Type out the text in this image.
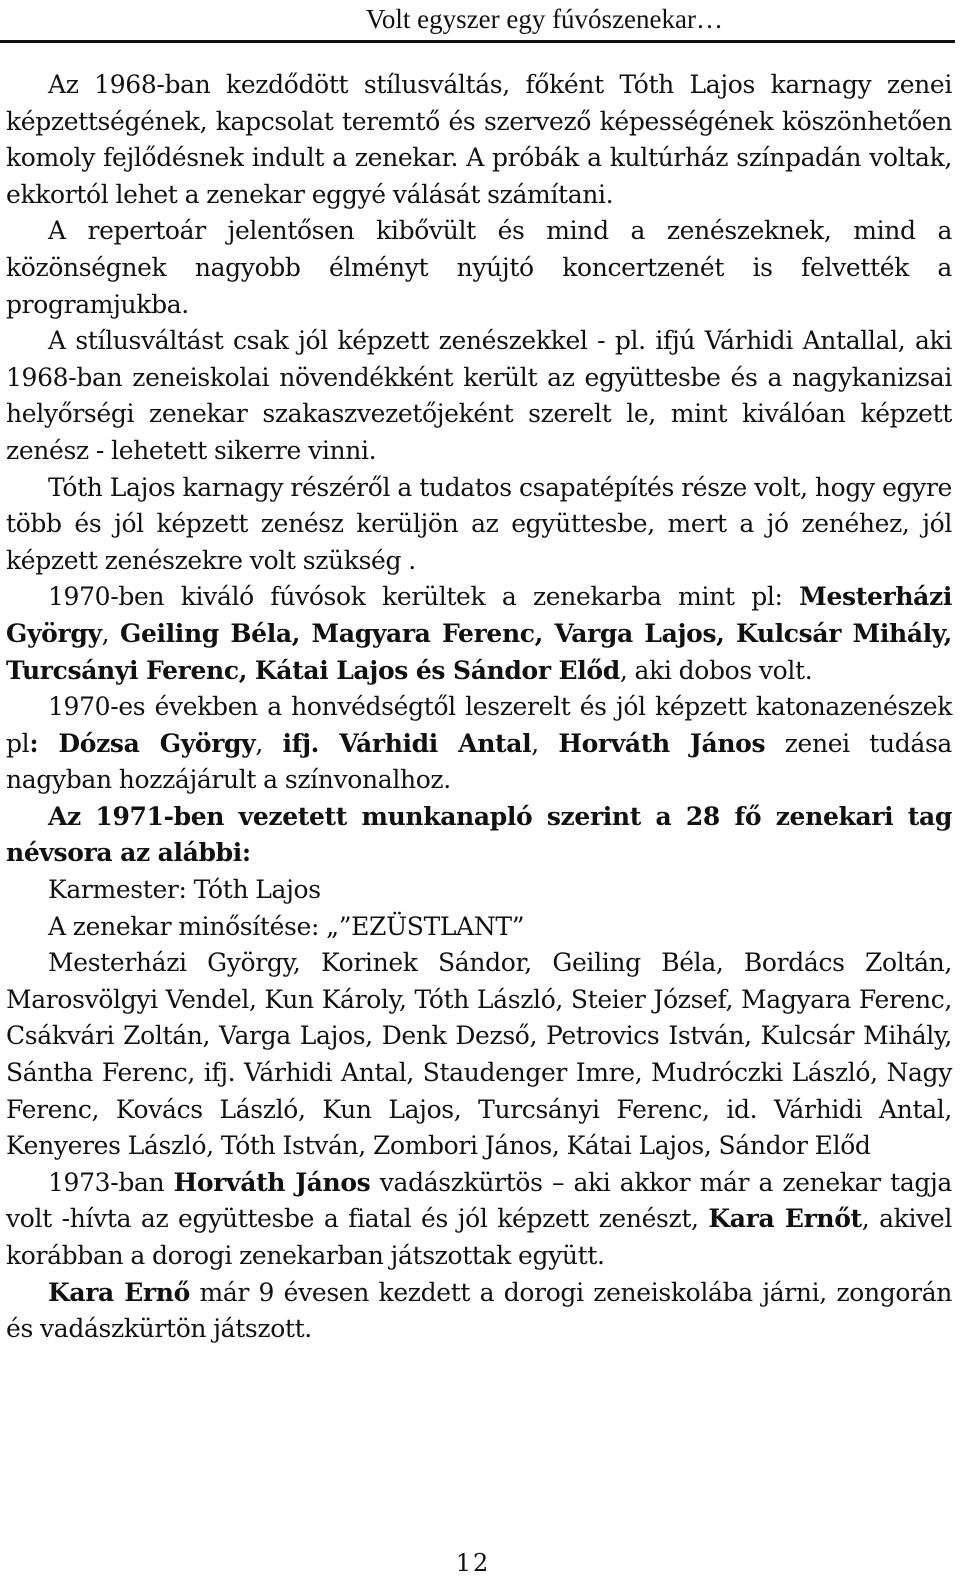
Volt egyszer egy fúvószenekar…

Az 1968-ban kezdődött stílusváltás, főként Tóth Lajos karnagy zenei képzettségének, kapcsolat teremtő és szervező képességének köszönhetően komoly fejlődésnek indult a zenekar. A próbák a kultúrház színpadán voltak, ekkortól lehet a zenekar eggyé válását számítani.

A repertoár jelentősen kibővült és mind a zenészeknek, mind a közönségnek nagyobb élményt nyújtó koncertzenét is felvették a programjukba.

A stílusváltást csak jól képzett zenészekkel - pl. ifjú Várhidi Antallal, aki 1968-ban zeneiskolai növendékként került az együttesbe és a nagykanizsai helyőrségi zenekar szakaszvezetőjeként szerelt le, mint kiválóan képzett zenész - lehetett sikerre vinni.

Tóth Lajos karnagy részéről a tudatos csapatépítés része volt, hogy egyre több és jól képzett zenész kerüljön az együttesbe, mert a jó zenéhez, jól képzett zenészekre volt szükség .

1970-ben kiváló fúvósok kerültek a zenekarba mint pl: Mesterházi György, Geiling Béla, Magyara Ferenc, Varga Lajos, Kulcsár Mihály, Turcsányi Ferenc, Kátai Lajos és Sándor Előd, aki dobos volt.

1970-es években a honvédségtől leszerelt és jól képzett katonazenészek pl: Dózsa György, ifj. Várhidi Antal, Horváth János zenei tudása nagyban hozzájárult a színvonalhoz.

Az 1971-ben vezetett munkanapló szerint a 28 fő zenekari tag névsora az alábbi:

Karmester: Tóth Lajos

A zenekar minősítése: „”EZÜSTLANT”

Mesterházi György, Korinek Sándor, Geiling Béla, Bordács Zoltán, Marosvölgyi Vendel, Kun Károly, Tóth László, Steier József, Magyara Ferenc, Csákvári Zoltán, Varga Lajos, Denk Dezső, Petrovics István, Kulcsár Mihály, Sántha Ferenc, ifj. Várhidi Antal, Staudenger Imre, Mudróczki László, Nagy Ferenc, Kovács László, Kun Lajos, Turcsányi Ferenc, id. Várhidi Antal, Kenyeres László, Tóth István, Zombori János, Kátai Lajos, Sándor Előd

1973-ban Horváth János vadászkürtös – aki akkor már a zenekar tagja volt -hívta az együttesbe a fiatal és jól képzett zenészt, Kara Ernőt, akivel korábban a dorogi zenekarban játszottak együtt.

Kara Ernő már 9 évesen kezdett a dorogi zeneiskolába járni, zongorán és vadászkürtön játszott.

12
